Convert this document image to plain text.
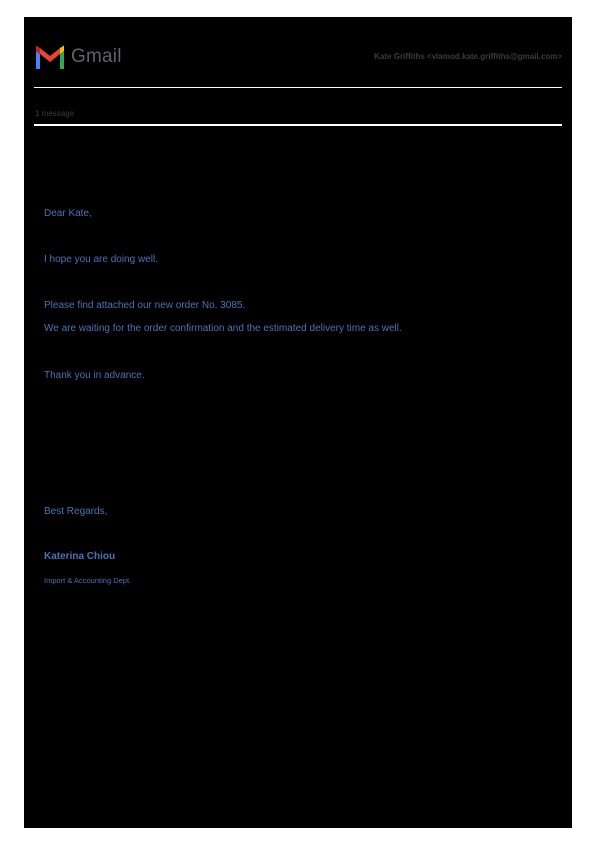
Gmail	Kate Griffiths <vlamod.kate.griffiths@gmail.com>
1 message
Dear Kate,
I hope you are doing well.
Please find attached our new order No. 3085.
We are waiting for the order confirmation and the estimated delivery time as well.
Thank you in advance.
Best Regards,
Katerina Chiou
Import & Accounting Dept.
